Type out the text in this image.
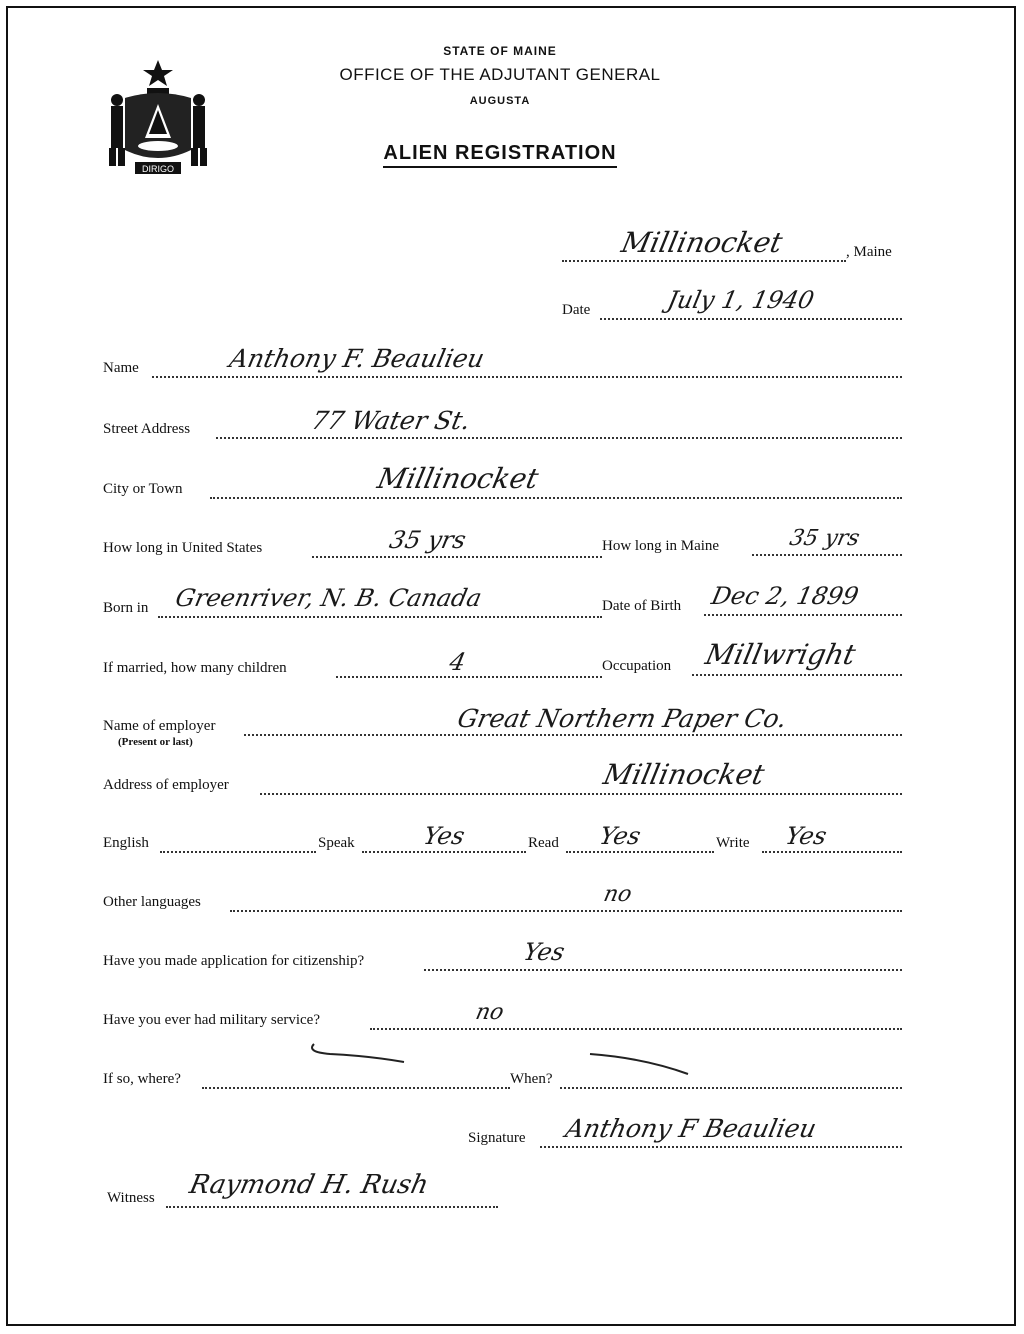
DIRIGO
STATE OF MAINE
OFFICE OF THE ADJUTANT GENERAL
AUGUSTA
ALIEN REGISTRATION
Millinocket	, Maine
Date	July 1, 1940
Name	Anthony F. Beaulieu
Street Address	77 Water St.
City or Town	Millinocket
How long in United States	35 yrs	How long in Maine	35 yrs
Born in Greenriver, N. B. Canada	Date of Birth Dec 2, 1899
If married, how many children	4	Occupation Millwright
Name of employer
(Present or last)
Great Northern Paper Co.
Address of employer	Millinocket
English	Speak	Yes	Read Yes	Write Yes
Other languages	no
Have you made application for citizenship?	Yes
Have you ever had military service?	no
If so, where?	When?
Signature Anthony F Beaulieu
Witness Raymond H. Rush
